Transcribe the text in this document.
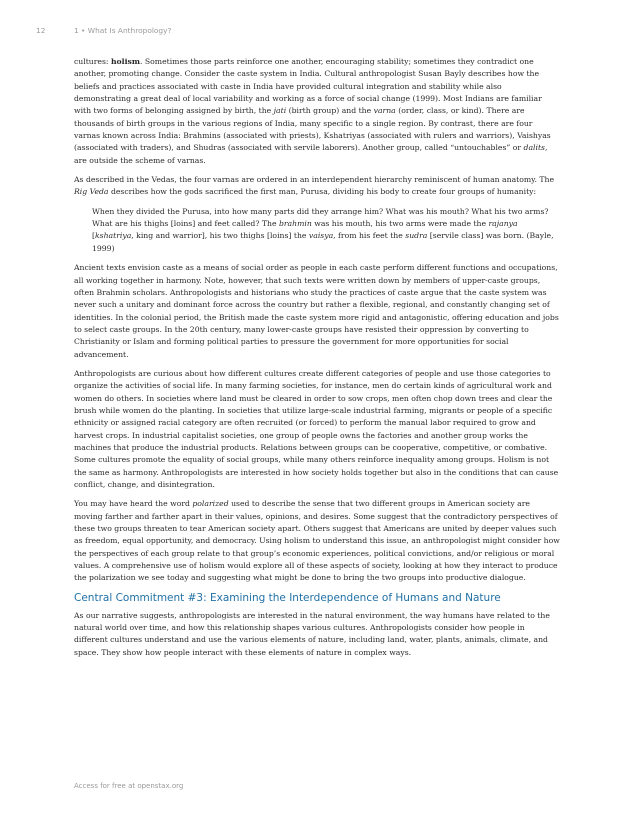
12	1 • What Is Anthropology?

cultures: holism. Sometimes those parts reinforce one another, encouraging stability; sometimes they contradict one another, promoting change. Consider the caste system in India. Cultural anthropologist Susan Bayly describes how the beliefs and practices associated with caste in India have provided cultural integration and stability while also demonstrating a great deal of local variability and working as a force of social change (1999). Most Indians are familiar with two forms of belonging assigned by birth, the jati (birth group) and the varna (order, class, or kind). There are thousands of birth groups in the various regions of India, many specific to a single region. By contrast, there are four varnas known across India: Brahmins (associated with priests), Kshatriyas (associated with rulers and warriors), Vaishyas (associated with traders), and Shudras (associated with servile laborers). Another group, called “untouchables” or dalits, are outside the scheme of varnas.

As described in the Vedas, the four varnas are ordered in an interdependent hierarchy reminiscent of human anatomy. The Rig Veda describes how the gods sacrificed the first man, Purusa, dividing his body to create four groups of humanity:

When they divided the Purusa, into how many parts did they arrange him? What was his mouth? What his two arms? What are his thighs [loins] and feet called? The brahmin was his mouth, his two arms were made the rajanya [kshatriya, king and warrior], his two thighs [loins] the vaisya, from his feet the sudra [servile class] was born. (Bayle, 1999)

Ancient texts envision caste as a means of social order as people in each caste perform different functions and occupations, all working together in harmony. Note, however, that such texts were written down by members of upper-caste groups, often Brahmin scholars. Anthropologists and historians who study the practices of caste argue that the caste system was never such a unitary and dominant force across the country but rather a flexible, regional, and constantly changing set of identities. In the colonial period, the British made the caste system more rigid and antagonistic, offering education and jobs to select caste groups. In the 20th century, many lower-caste groups have resisted their oppression by converting to Christianity or Islam and forming political parties to pressure the government for more opportunities for social advancement.

Anthropologists are curious about how different cultures create different categories of people and use those categories to organize the activities of social life. In many farming societies, for instance, men do certain kinds of agricultural work and women do others. In societies where land must be cleared in order to sow crops, men often chop down trees and clear the brush while women do the planting. In societies that utilize large-scale industrial farming, migrants or people of a specific ethnicity or assigned racial category are often recruited (or forced) to perform the manual labor required to grow and harvest crops. In industrial capitalist societies, one group of people owns the factories and another group works the machines that produce the industrial products. Relations between groups can be cooperative, competitive, or combative. Some cultures promote the equality of social groups, while many others reinforce inequality among groups. Holism is not the same as harmony. Anthropologists are interested in how society holds together but also in the conditions that can cause conflict, change, and disintegration.

You may have heard the word polarized used to describe the sense that two different groups in American society are moving farther and farther apart in their values, opinions, and desires. Some suggest that the contradictory perspectives of these two groups threaten to tear American society apart. Others suggest that Americans are united by deeper values such as freedom, equal opportunity, and democracy. Using holism to understand this issue, an anthropologist might consider how the perspectives of each group relate to that group’s economic experiences, political convictions, and/or religious or moral values. A comprehensive use of holism would explore all of these aspects of society, looking at how they interact to produce the polarization we see today and suggesting what might be done to bring the two groups into productive dialogue.

Central Commitment #3: Examining the Interdependence of Humans and Nature

As our narrative suggests, anthropologists are interested in the natural environment, the way humans have related to the natural world over time, and how this relationship shapes various cultures. Anthropologists consider how people in different cultures understand and use the various elements of nature, including land, water, plants, animals, climate, and space. They show how people interact with these elements of nature in complex ways.

Access for free at openstax.org
